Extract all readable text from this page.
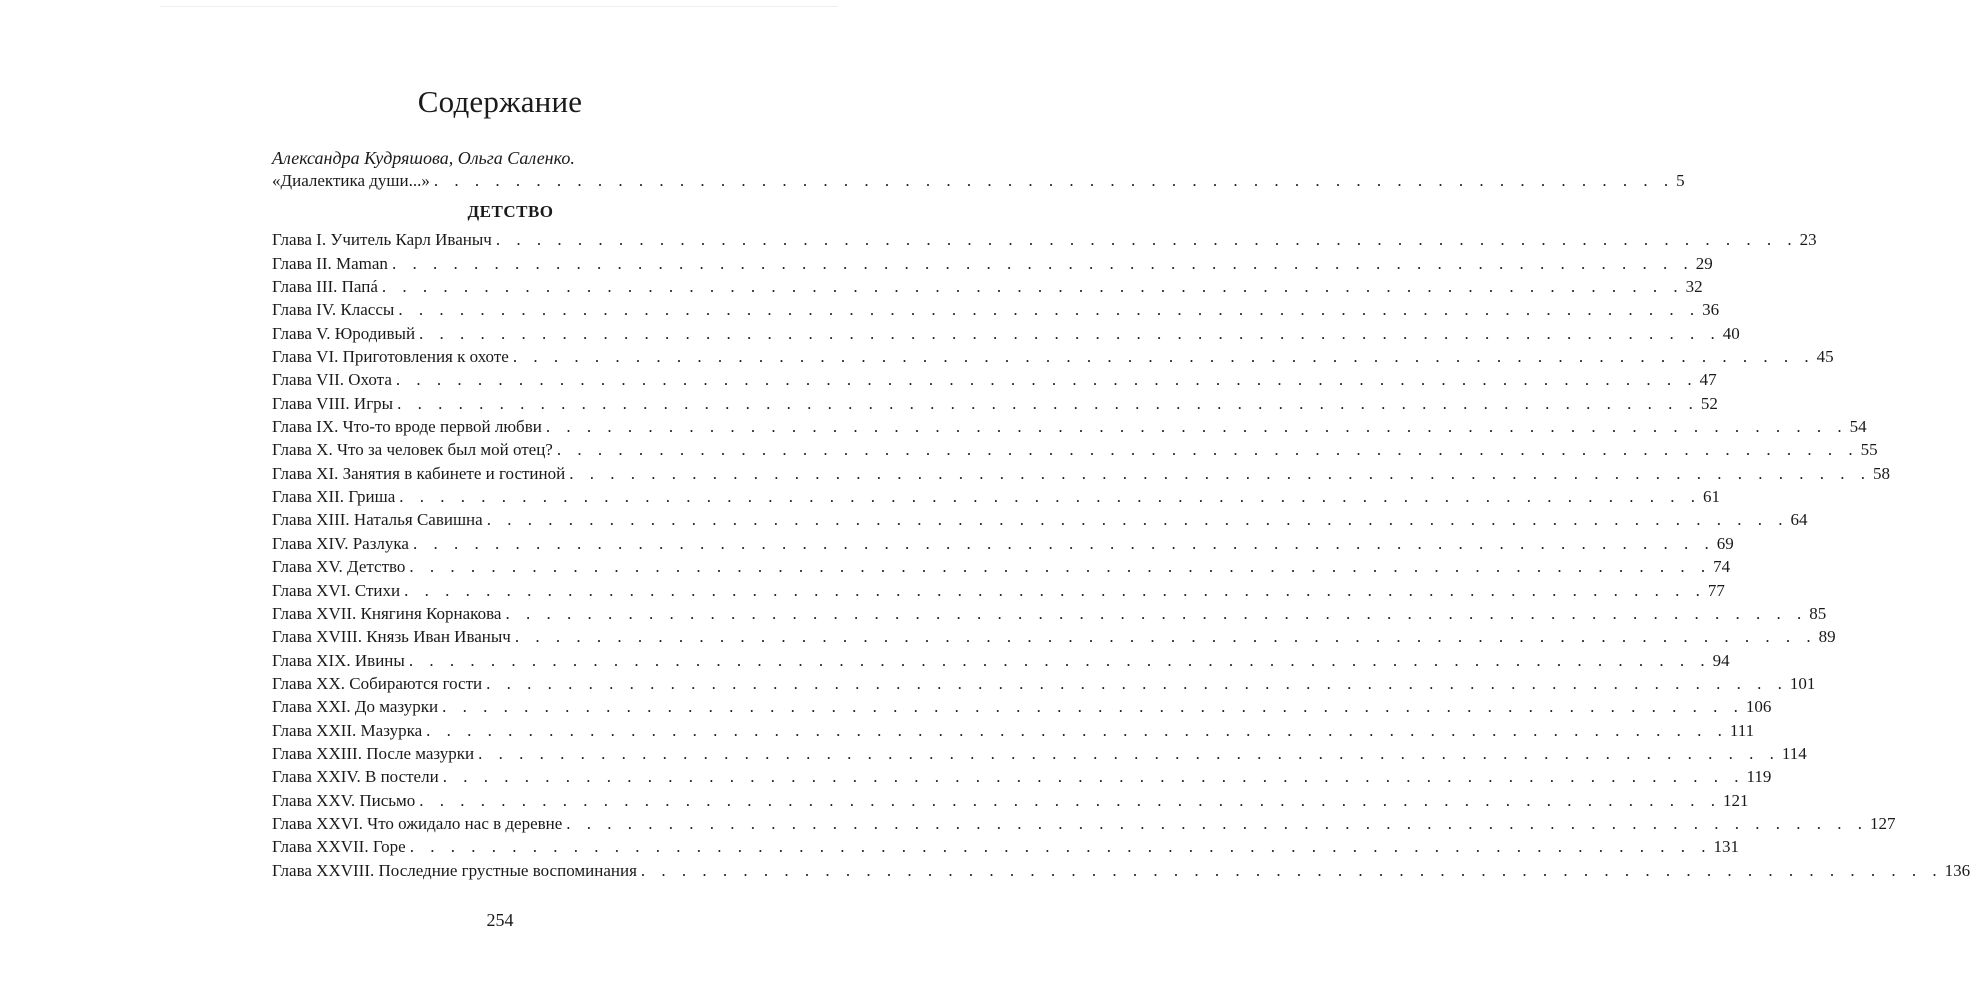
Содержание
Александра Кудряшова, Ольга Саленко.
«Диалектика души...» . . . . . . . . . . . . . . . . . . . . . . . . . . . . . . . . . . . . . . . . . . . . . . . . . . . . . . . . . . . . . 5
ДЕТСТВО
Глава I. Учитель Карл Иваныч . . . . . . . . . . . . . . . . . . . . . . . . . . . . . . . . . . . . . . . . . . . . . . . . . . . . . . . . . . . . . . . . 23
Глава II. Maman . . . . . . . . . . . . . . . . . . . . . . . . . . . . . . . . . . . . . . . . . . . . . . . . . . . . . . . . . . . . . . . . 29
Глава III. Папá . . . . . . . . . . . . . . . . . . . . . . . . . . . . . . . . . . . . . . . . . . . . . . . . . . . . . . . . . . . . . . . . 32
Глава IV. Классы . . . . . . . . . . . . . . . . . . . . . . . . . . . . . . . . . . . . . . . . . . . . . . . . . . . . . . . . . . . . . . . . 36
Глава V. Юродивый . . . . . . . . . . . . . . . . . . . . . . . . . . . . . . . . . . . . . . . . . . . . . . . . . . . . . . . . . . . . . . . . 40
Глава VI. Приготовления к охоте . . . . . . . . . . . . . . . . . . . . . . . . . . . . . . . . . . . . . . . . . . . . . . . . . . . . . . . . . . . . . . . . 45
Глава VII. Охота . . . . . . . . . . . . . . . . . . . . . . . . . . . . . . . . . . . . . . . . . . . . . . . . . . . . . . . . . . . . . . . . 47
Глава VIII. Игры . . . . . . . . . . . . . . . . . . . . . . . . . . . . . . . . . . . . . . . . . . . . . . . . . . . . . . . . . . . . . . . . 52
Глава IX. Что-то вроде первой любви . . . . . . . . . . . . . . . . . . . . . . . . . . . . . . . . . . . . . . . . . . . . . . . . . . . . . . . . . . . . . . . . 54
Глава X. Что за человек был мой отец? . . . . . . . . . . . . . . . . . . . . . . . . . . . . . . . . . . . . . . . . . . . . . . . . . . . . . . . . . . . . . . . . 55
Глава XI. Занятия в кабинете и гостиной . . . . . . . . . . . . . . . . . . . . . . . . . . . . . . . . . . . . . . . . . . . . . . . . . . . . . . . . . . . . . . . . 58
Глава XII. Гриша . . . . . . . . . . . . . . . . . . . . . . . . . . . . . . . . . . . . . . . . . . . . . . . . . . . . . . . . . . . . . . . . 61
Глава XIII. Наталья Савишна . . . . . . . . . . . . . . . . . . . . . . . . . . . . . . . . . . . . . . . . . . . . . . . . . . . . . . . . . . . . . . . . 64
Глава XIV. Разлука . . . . . . . . . . . . . . . . . . . . . . . . . . . . . . . . . . . . . . . . . . . . . . . . . . . . . . . . . . . . . . . . 69
Глава XV. Детство . . . . . . . . . . . . . . . . . . . . . . . . . . . . . . . . . . . . . . . . . . . . . . . . . . . . . . . . . . . . . . . . 74
Глава XVI. Стихи . . . . . . . . . . . . . . . . . . . . . . . . . . . . . . . . . . . . . . . . . . . . . . . . . . . . . . . . . . . . . . . . 77
Глава XVII. Княгиня Корнакова . . . . . . . . . . . . . . . . . . . . . . . . . . . . . . . . . . . . . . . . . . . . . . . . . . . . . . . . . . . . . . . . 85
Глава XVIII. Князь Иван Иваныч . . . . . . . . . . . . . . . . . . . . . . . . . . . . . . . . . . . . . . . . . . . . . . . . . . . . . . . . . . . . . . . . 89
Глава XIX. Ивины . . . . . . . . . . . . . . . . . . . . . . . . . . . . . . . . . . . . . . . . . . . . . . . . . . . . . . . . . . . . . . . . 94
Глава XX. Собираются гости . . . . . . . . . . . . . . . . . . . . . . . . . . . . . . . . . . . . . . . . . . . . . . . . . . . . . . . . . . . . . . . . 101
Глава XXI. До мазурки . . . . . . . . . . . . . . . . . . . . . . . . . . . . . . . . . . . . . . . . . . . . . . . . . . . . . . . . . . . . . . . . 106
Глава XXII. Мазурка . . . . . . . . . . . . . . . . . . . . . . . . . . . . . . . . . . . . . . . . . . . . . . . . . . . . . . . . . . . . . . . . 111
Глава XXIII. После мазурки . . . . . . . . . . . . . . . . . . . . . . . . . . . . . . . . . . . . . . . . . . . . . . . . . . . . . . . . . . . . . . . . 114
Глава XXIV. В постели . . . . . . . . . . . . . . . . . . . . . . . . . . . . . . . . . . . . . . . . . . . . . . . . . . . . . . . . . . . . . . . . 119
Глава XXV. Письмо . . . . . . . . . . . . . . . . . . . . . . . . . . . . . . . . . . . . . . . . . . . . . . . . . . . . . . . . . . . . . . . . 121
Глава XXVI. Что ожидало нас в деревне . . . . . . . . . . . . . . . . . . . . . . . . . . . . . . . . . . . . . . . . . . . . . . . . . . . . . . . . . . . . . . . . 127
Глава XXVII. Горе . . . . . . . . . . . . . . . . . . . . . . . . . . . . . . . . . . . . . . . . . . . . . . . . . . . . . . . . . . . . . . . . 131
Глава XXVIII. Последние грустные воспоминания . . . . . . . . . . . . . . . . . . . . . . . . . . . . . . . . . . . . . . . . . . . . . . . . . . . . . . . . . . . . . . . . 136
254
